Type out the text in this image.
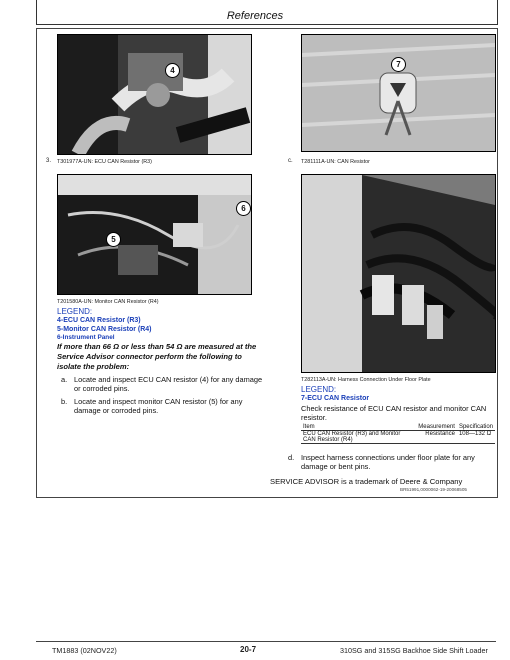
References
4
3. T301977A-UN: ECU CAN Resistor (R3)
6
5
T201580A-UN: Monitor CAN Resistor (R4)
LEGEND:
4-ECU CAN Resistor (R3)
5-Monitor CAN Resistor (R4)
6-Instrument Panel
If more than 66 Ω or less than 54 Ω are measured at the Service Advisor connector perform the following to isolate the problem:
a. Locate and inspect ECU CAN resistor (4) for any damage or corroded pins.
b. Locate and inspect monitor CAN resistor (5) for any damage or corroded pins.
7
c. T281111A-UN: CAN Resistor
T282113A-UN: Harness Connection Under Floor Plate
LEGEND:
7-ECU CAN Resistor
Check resistance of ECU CAN resistor and monitor CAN resistor.
Item	Measurement	Specification
ECU CAN Resistor (R3) and Monitor CAN Resistor (R4)	Resistance	108—132 Ω
d. Inspect harness connections under floor plate for any damage or bent pins.
SERVICE ADVISOR is a trademark of Deere & Company
BR51991,0000062-19-20068505
TM1883 (02NOV22)	20-7	310SG and 315SG Backhoe Side Shift Loader
